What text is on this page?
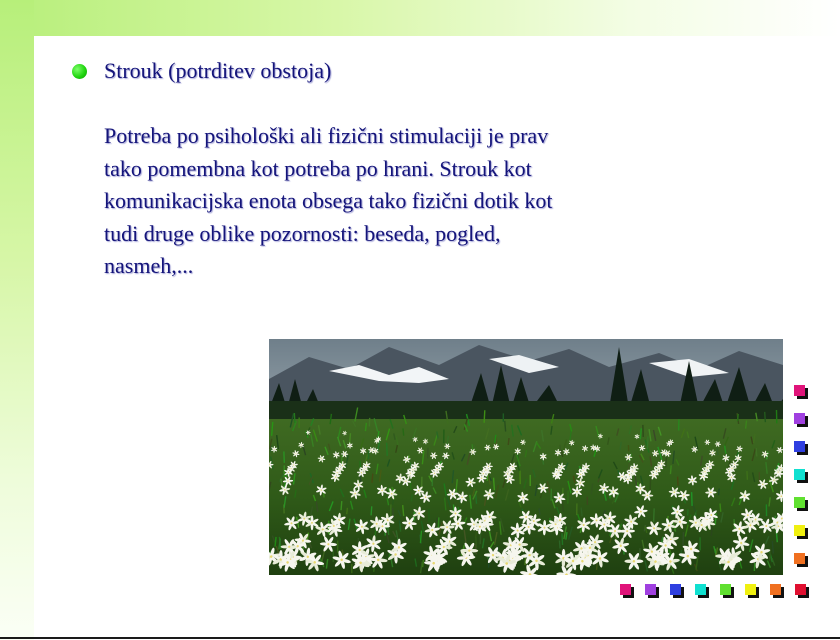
Strouk (potrditev obstoja)
Potreba po psihološki ali fizični stimulaciji je prav
tako pomembna kot potreba po hrani. Strouk kot
komunikacijska enota obsega tako fizični dotik kot
tudi druge oblike pozornosti: beseda, pogled,
nasmeh,...
